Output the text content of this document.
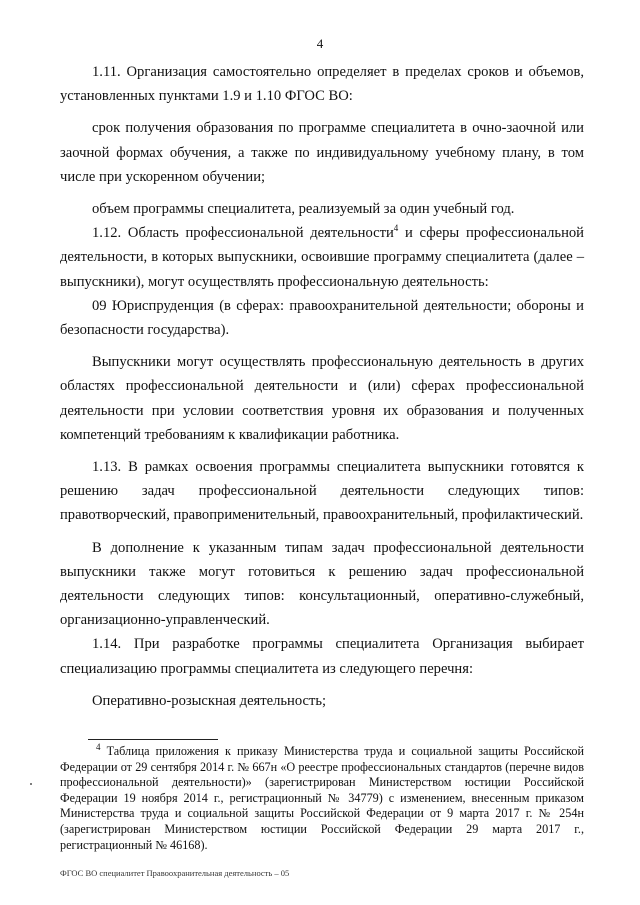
4

1.11. Организация самостоятельно определяет в пределах сроков и объемов, установленных пунктами 1.9 и 1.10 ФГОС ВО:

срок получения образования по программе специалитета в очно-заочной или заочной формах обучения, а также по индивидуальному учебному плану, в том числе при ускоренном обучении;

объем программы специалитета, реализуемый за один учебный год.

1.12. Область профессиональной деятельности$^4$ и сферы профессиональной деятельности, в которых выпускники, освоившие программу специалитета (далее – выпускники), могут осуществлять профессиональную деятельность:

09 Юриспруденция (в сферах: правоохранительной деятельности; обороны и безопасности государства).

Выпускники могут осуществлять профессиональную деятельность в других областях профессиональной деятельности и (или) сферах профессиональной деятельности при условии соответствия уровня их образования и полученных компетенций требованиям к квалификации работника.

1.13. В рамках освоения программы специалитета выпускники готовятся к решению задач профессиональной деятельности следующих типов: правотворческий, правоприменительный, правоохранительный, профилактический.

В дополнение к указанным типам задач профессиональной деятельности выпускники также могут готовиться к решению задач профессиональной деятельности следующих типов: консультационный, оперативно-служебный, организационно-управленческий.

1.14. При разработке программы специалитета Организация выбирает специализацию программы специалитета из следующего перечня:

Оперативно-розыскная деятельность;

$^4$ Таблица приложения к приказу Министерства труда и социальной защиты Российской Федерации от 29 сентября 2014 г. № 667н «О реестре профессиональных стандартов (перечне видов профессиональной деятельности)» (зарегистрирован Министерством юстиции Российской Федерации 19 ноября 2014 г., регистрационный № 34779) с изменением, внесенным приказом Министерства труда и социальной защиты Российской Федерации от 9 марта 2017 г. № 254н (зарегистрирован Министерством юстиции Российской Федерации 29 марта 2017 г., регистрационный № 46168).

ФГОС ВО специалитет Правоохранительная деятельность – 05
